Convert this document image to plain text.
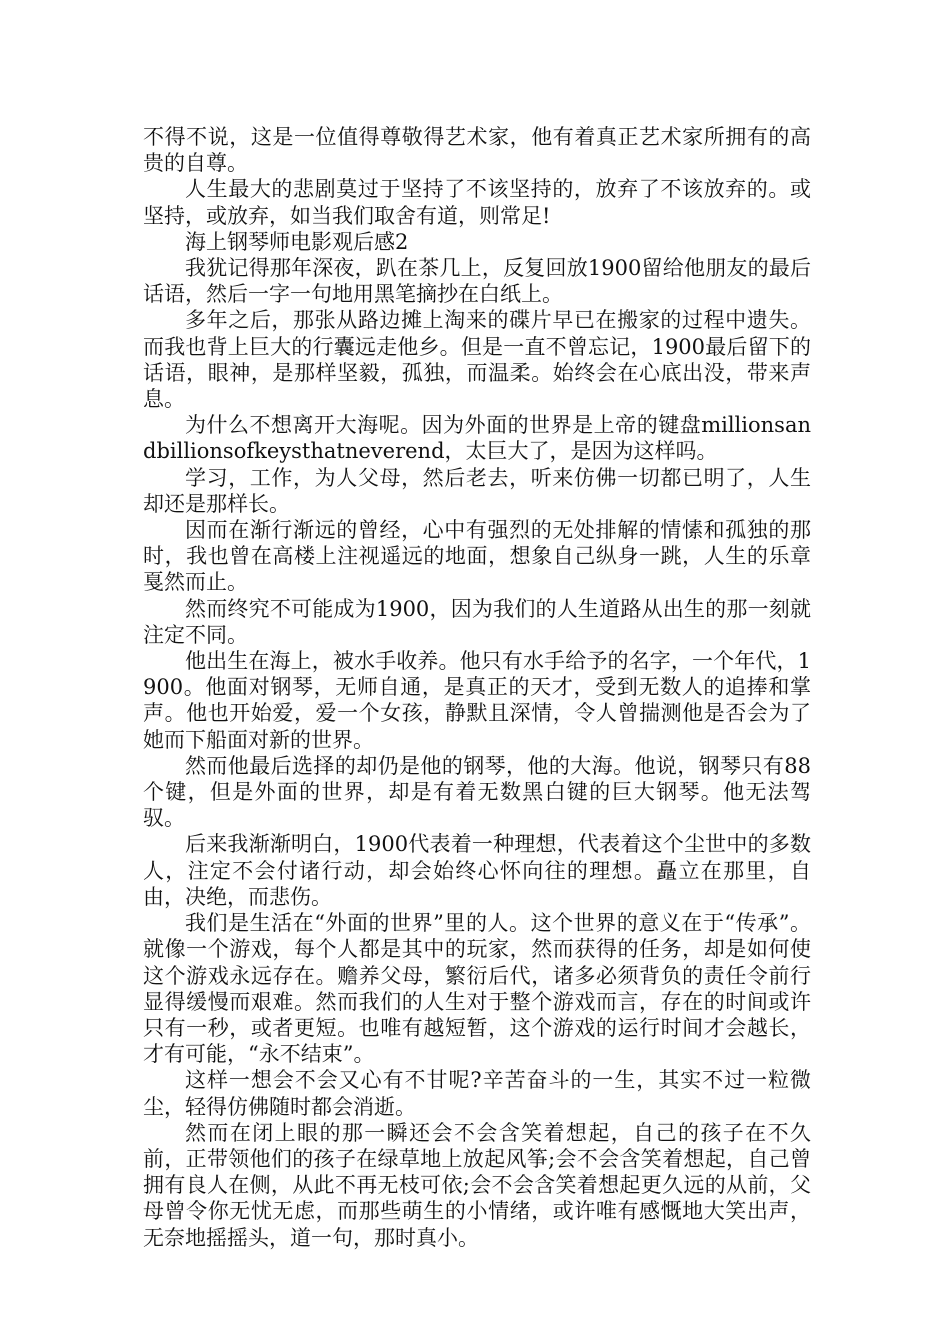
不得不说，这是一位值得尊敬得艺术家，他有着真正艺术家所拥有的高贵的自尊。

人生最大的悲剧莫过于坚持了不该坚持的，放弃了不该放弃的。或坚持，或放弃，如当我们取舍有道，则常足!

海上钢琴师电影观后感2

我犹记得那年深夜，趴在茶几上，反复回放1900留给他朋友的最后话语，然后一字一句地用黑笔摘抄在白纸上。

多年之后，那张从路边摊上淘来的碟片早已在搬家的过程中遗失。而我也背上巨大的行囊远走他乡。但是一直不曾忘记，1900最后留下的话语，眼神，是那样坚毅，孤独，而温柔。始终会在心底出没，带来声息。

为什么不想离开大海呢。因为外面的世界是上帝的键盘millionsandbillionsofkeysthatneverend，太巨大了，是因为这样吗。

学习，工作，为人父母，然后老去，听来仿佛一切都已明了，人生却还是那样长。

因而在渐行渐远的曾经，心中有强烈的无处排解的情愫和孤独的那时，我也曾在高楼上注视遥远的地面，想象自己纵身一跳，人生的乐章戛然而止。

然而终究不可能成为1900，因为我们的人生道路从出生的那一刻就注定不同。

他出生在海上，被水手收养。他只有水手给予的名字，一个年代，1900。他面对钢琴，无师自通，是真正的天才，受到无数人的追捧和掌声。他也开始爱，爱一个女孩，静默且深情，令人曾揣测他是否会为了她而下船面对新的世界。

然而他最后选择的却仍是他的钢琴，他的大海。他说，钢琴只有88个键，但是外面的世界，却是有着无数黑白键的巨大钢琴。他无法驾驭。

后来我渐渐明白，1900代表着一种理想，代表着这个尘世中的多数人，注定不会付诸行动，却会始终心怀向往的理想。矗立在那里，自由，决绝，而悲伤。

我们是生活在“外面的世界”里的人。这个世界的意义在于“传承”。就像一个游戏，每个人都是其中的玩家，然而获得的任务，却是如何使这个游戏永远存在。赡养父母，繁衍后代，诸多必须背负的责任令前行显得缓慢而艰难。然而我们的人生对于整个游戏而言，存在的时间或许只有一秒，或者更短。也唯有越短暂，这个游戏的运行时间才会越长，才有可能，“永不结束”。

这样一想会不会又心有不甘呢?辛苦奋斗的一生，其实不过一粒微尘，轻得仿佛随时都会消逝。

然而在闭上眼的那一瞬还会不会含笑着想起，自己的孩子在不久前，正带领他们的孩子在绿草地上放起风筝;会不会含笑着想起，自己曾拥有良人在侧，从此不再无枝可依;会不会含笑着想起更久远的从前，父母曾令你无忧无虑，而那些萌生的小情绪，或许唯有感慨地大笑出声，无奈地摇摇头，道一句，那时真小。
